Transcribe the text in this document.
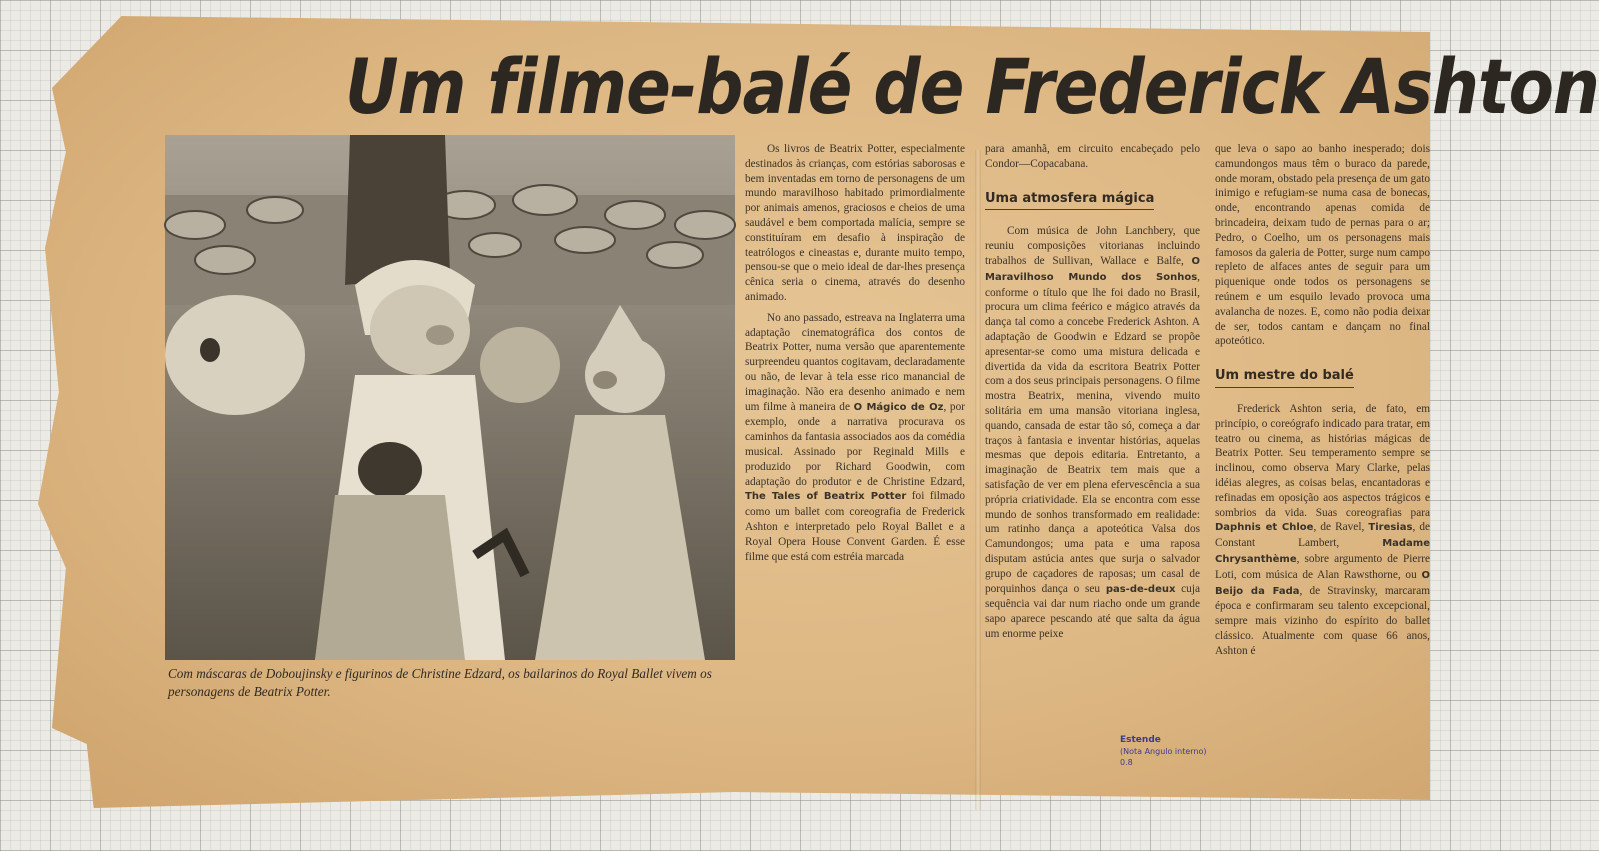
Um filme-balé de Frederick Ashton
Com máscaras de Doboujinsky e figurinos de Christine Edzard, os bailarinos do Royal Ballet vivem os personagens de Beatrix Potter.

Os livros de Beatrix Potter, especialmente destinados às crianças, com estórias saborosas e bem inventadas em torno de personagens de um mundo maravilhoso habitado primordialmente por animais amenos, graciosos e cheios de uma saudável e bem comportada malícia, sempre se constituíram em desafio à inspiração de teatrólogos e cineastas e, durante muito tempo, pensou-se que o meio ideal de dar-lhes presença cênica seria o cinema, através do desenho animado.

No ano passado, estreava na Inglaterra uma adaptação cinematográfica dos contos de Beatrix Potter, numa versão que aparentemente surpreendeu quantos cogitavam, declaradamente ou não, de levar à tela esse rico manancial de imaginação. Não era desenho animado e nem um filme à maneira de O Mágico de Oz, por exemplo, onde a narrativa procurava os caminhos da fantasia associados aos da comédia musical. Assinado por Reginald Mills e produzido por Richard Goodwin, com adaptação do produtor e de Christine Edzard, The Tales of Beatrix Potter foi filmado como um ballet com coreografia de Frederick Ashton e interpretado pelo Royal Ballet e a Royal Opera House Convent Garden. É esse filme que está com estréia marcada

para amanhã, em circuito encabeçado pelo Condor—Copacabana.

Uma atmosfera mágica

Com música de John Lanchbery, que reuniu composições vitorianas incluindo trabalhos de Sullivan, Wallace e Balfe, O Maravilhoso Mundo dos Sonhos, conforme o título que lhe foi dado no Brasil, procura um clima feérico e mágico através da dança tal como a concebe Frederick Ashton. A adaptação de Goodwin e Edzard se propõe apresentar-se como uma mistura delicada e divertida da vida da escritora Beatrix Potter com a dos seus principais personagens. O filme mostra Beatrix, menina, vivendo muito solitária em uma mansão vitoriana inglesa, quando, cansada de estar tão só, começa a dar traços à fantasia e inventar histórias, aquelas mesmas que depois editaria. Entretanto, a imaginação de Beatrix tem mais que a satisfação de ver em plena efervescência a sua própria criatividade. Ela se encontra com esse mundo de sonhos transformado em realidade: um ratinho dança a apoteótica Valsa dos Camundongos; uma pata e uma raposa disputam astúcia antes que surja o salvador grupo de caçadores de raposas; um casal de porquinhos dança o seu pas-de-deux cuja sequência vai dar num riacho onde um grande sapo aparece pescando até que salta da água um enorme peixe

que leva o sapo ao banho inesperado; dois camundongos maus têm o buraco da parede, onde moram, obstado pela presença de um gato inimigo e refugiam-se numa casa de bonecas, onde, encontrando apenas comida de brincadeira, deixam tudo de pernas para o ar; Pedro, o Coelho, um os personagens mais famosos da galeria de Potter, surge num campo repleto de alfaces antes de seguir para um piquenique onde todos os personagens se reúnem e um esquilo levado provoca uma avalancha de nozes. E, como não podia deixar de ser, todos cantam e dançam no final apoteótico.

Um mestre do balé

Frederick Ashton seria, de fato, em princípio, o coreógrafo indicado para tratar, em teatro ou cinema, as histórias mágicas de Beatrix Potter. Seu temperamento sempre se inclinou, como observa Mary Clarke, pelas idéias alegres, as coisas belas, encantadoras e refinadas em oposição aos aspectos trágicos e sombrios da vida. Suas coreografias para Daphnis et Chloe, de Ravel, Tiresias, de Constant Lambert,	Madame Chrysanthème, sobre argumento de Pierre Loti, com música de Alan Rawsthorne, ou O Beijo da Fada, de Stravinsky, marcaram época e confirmaram seu talento excepcional, sempre mais vizinho do espírito do ballet clássico. Atualmente com quase 66 anos, Ashton é

Estende
(Nota Angulo interno)
0.8
